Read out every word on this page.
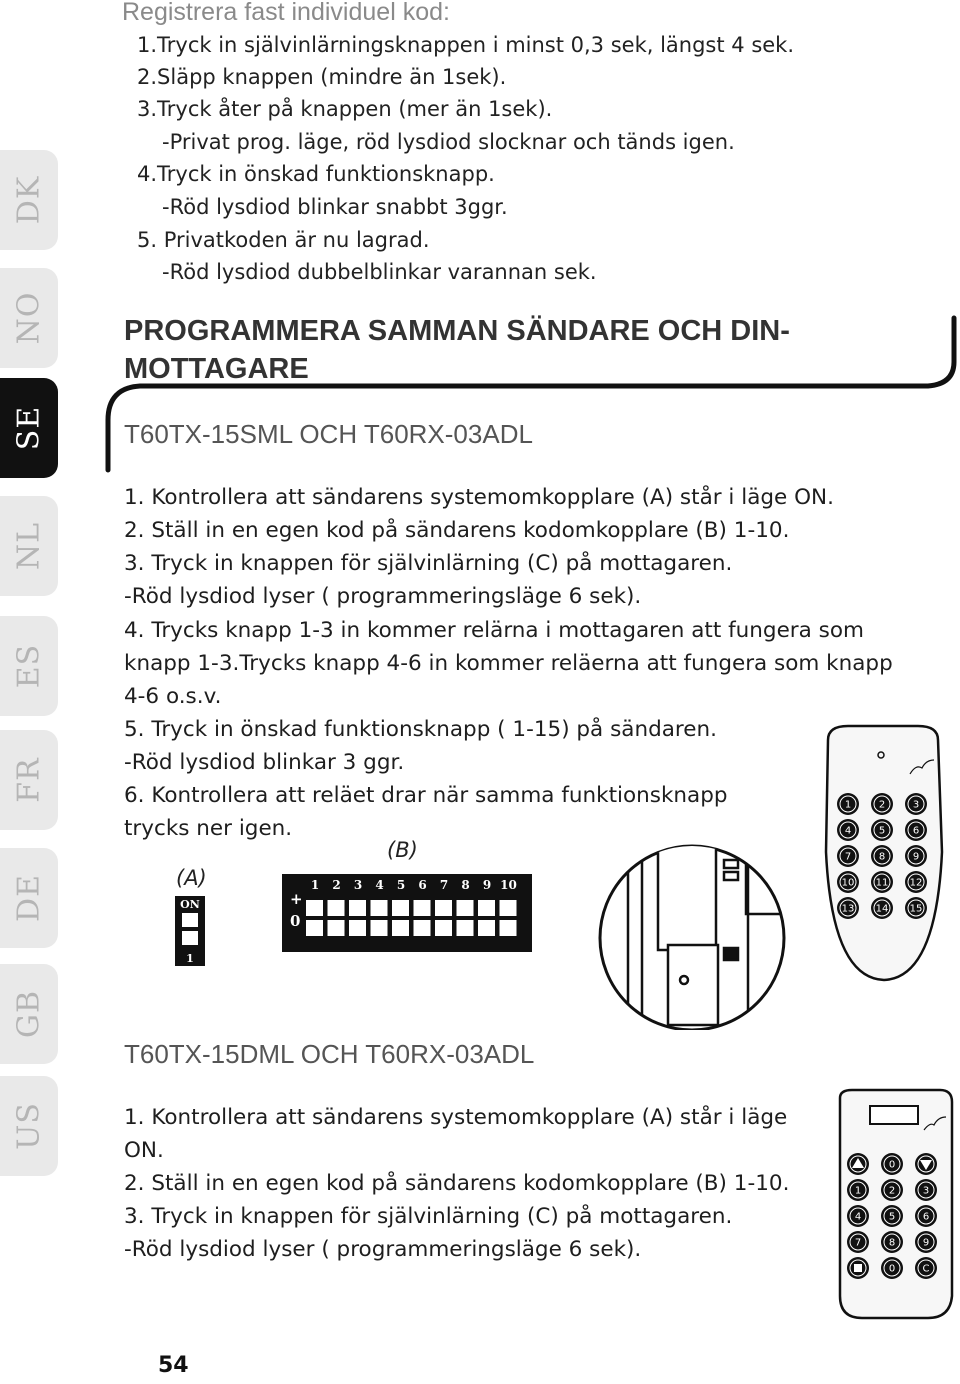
DK
NO
SE
NL
ES
FR
DE
GB
US
Registrera fast individuel kod:
1.Tryck in självinlärningsknappen i minst 0,3 sek, längst 4 sek.
2.Släpp knappen (mindre än 1sek).
3.Tryck åter på knappen (mer än 1sek).
-Privat prog. läge, röd lysdiod slocknar och tänds igen.
4.Tryck in önskad funktionsknapp.
-Röd lysdiod blinkar snabbt 3ggr.
5. Privatkoden är nu lagrad.
-Röd lysdiod dubbelblinkar varannan sek.
PROGRAMMERA SAMMAN SÄNDARE OCH DIN-
MOTTAGARE
T60TX-15SML OCH T60RX-03ADL
1. Kontrollera att sändarens systemomkopplare (A) står i läge ON.
2. Ställ in en egen kod på sändarens kodomkopplare (B) 1-10.
3. Tryck in knappen för självinlärning (C) på mottagaren.
-Röd lysdiod lyser ( programmeringsläge 6 sek).
4. Trycks knapp 1-3 in kommer relärna i mottagaren att fungera som
knapp 1-3.Trycks knapp 4-6 in kommer reläerna att fungera som knapp
4-6 o.s.v.
5. Tryck in önskad funktionsknapp ( 1-15) på sändaren.
-Röd lysdiod blinkar 3 ggr.
6. Kontrollera att reläet drar när samma funktionsknapp
trycks ner igen.
(A)
(B)
ON
1
+
0
1 2 3 4 5 6 7 8 9 10
1	2	3
4	5	6
7	8	9
10 11 12
13 14 15
T60TX-15DML OCH T60RX-03ADL
1. Kontrollera att sändarens systemomkopplare (A) står i läge
ON.
2. Ställ in en egen kod på sändarens kodomkopplare (B) 1-10.
3. Tryck in knappen för självinlärning (C) på mottagaren.
-Röd lysdiod lyser ( programmeringsläge 6 sek).
0
1	2	3
4	5	6
7	8	9
0	C
54
